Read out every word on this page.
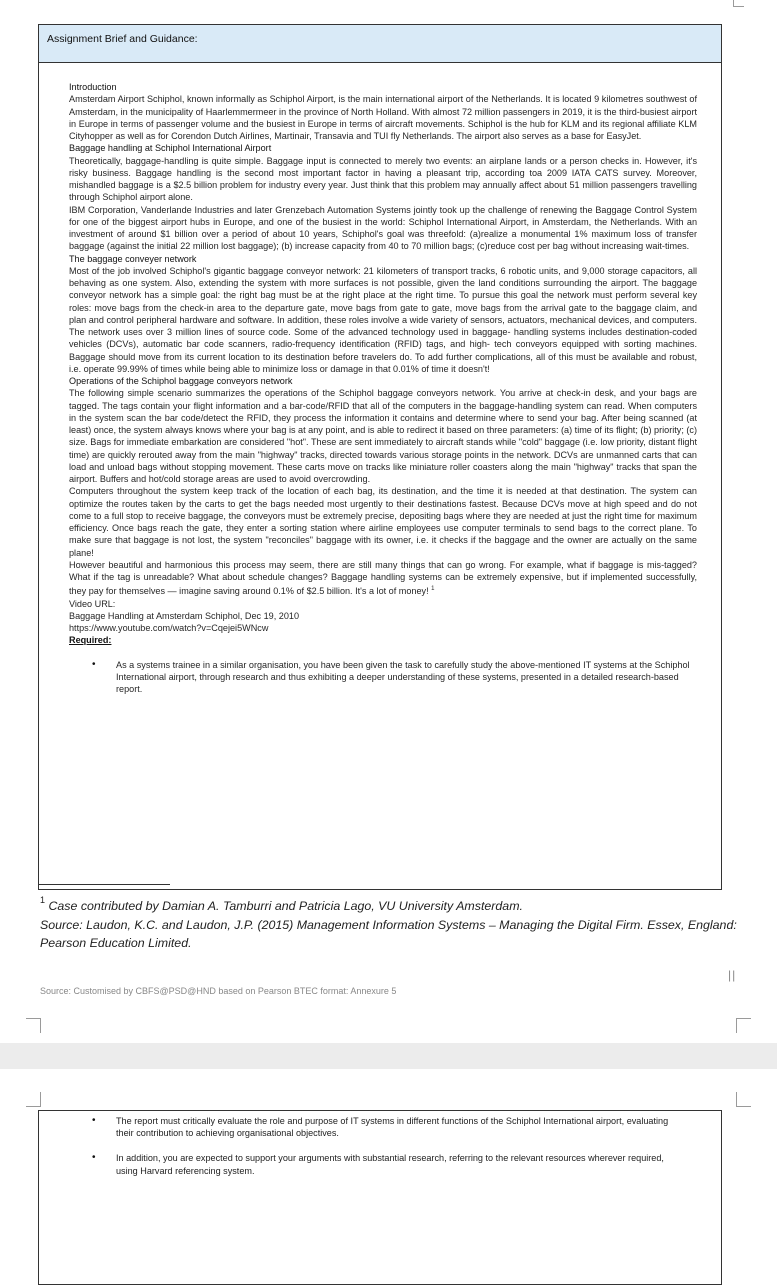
Assignment Brief and Guidance:

Introduction

Amsterdam Airport Schiphol, known informally as Schiphol Airport, is the main international airport of the Netherlands. It is located 9 kilometres southwest of Amsterdam, in the municipality of Haarlemmermeer in the province of North Holland. With almost 72 million passengers in 2019, it is the third-busiest airport in Europe in terms of passenger volume and the busiest in Europe in terms of aircraft movements. Schiphol is the hub for KLM and its regional affiliate KLM Cityhopper as well as for Corendon Dutch Airlines, Martinair, Transavia and TUI fly Netherlands. The airport also serves as a base for EasyJet.

Baggage handling at Schiphol International Airport

Theoretically, baggage-handling is quite simple. Baggage input is connected to merely two events: an airplane lands or a person checks in. However, it's risky business. Baggage handling is the second most important factor in having a pleasant trip, according toa 2009 IATA CATS survey. Moreover, mishandled baggage is a $2.5 billion problem for industry every year. Just think that this problem may annually affect about 51 million passengers travelling through Schiphol airport alone.

IBM Corporation, Vanderlande Industries and later Grenzebach Automation Systems jointly took up the challenge of renewing the Baggage Control System for one of the biggest airport hubs in Europe, and one of the busiest in the world: Schiphol International Airport, in Amsterdam, the Netherlands. With an investment of around $1 billion over a period of about 10 years, Schiphol's goal was threefold: (a)realize a monumental 1% maximum loss of transfer baggage (against the initial 22 million lost baggage); (b) increase capacity from 40 to 70 million bags; (c)reduce cost per bag without increasing wait-times.

The baggage conveyer network

Most of the job involved Schiphol's gigantic baggage conveyor network: 21 kilometers of transport tracks, 6 robotic units, and 9,000 storage capacitors, all behaving as one system. Also, extending the system with more surfaces is not possible, given the land conditions surrounding the airport. The baggage conveyor network has a simple goal: the right bag must be at the right place at the right time. To pursue this goal the network must perform several key roles: move bags from the check-in area to the departure gate, move bags from gate to gate, move bags from the arrival gate to the baggage claim, and plan and control peripheral hardware and software. In addition, these roles involve a wide variety of sensors, actuators, mechanical devices, and computers. The network uses over 3 million lines of source code. Some of the advanced technology used in baggage- handling systems includes destination-coded vehicles (DCVs), automatic bar code scanners, radio-frequency identification (RFID) tags, and high- tech conveyors equipped with sorting machines. Baggage should move from its current location to its destination before travelers do. To add further complications, all of this must be available and robust, i.e. operate 99.99% of times while being able to minimize loss or damage in that 0.01% of time it doesn't!

Operations of the Schiphol baggage conveyors network

The following simple scenario summarizes the operations of the Schiphol baggage conveyors network. You arrive at check-in desk, and your bags are tagged. The tags contain your flight information and a bar-code/RFID that all of the computers in the baggage-handling system can read. When computers in the system scan the bar code/detect the RFID, they process the information it contains and determine where to send your bag. After being scanned (at least) once, the system always knows where your bag is at any point, and is able to redirect it based on three parameters: (a) time of its flight; (b) priority; (c) size. Bags for immediate embarkation are considered "hot". These are sent immediately to aircraft stands while "cold" baggage (i.e. low priority, distant flight time) are quickly rerouted away from the main "highway" tracks, directed towards various storage points in the network. DCVs are unmanned carts that can load and unload bags without stopping movement. These carts move on tracks like miniature roller coasters along the main "highway" tracks that span the airport. Buffers and hot/cold storage areas are used to avoid overcrowding.

Computers throughout the system keep track of the location of each bag, its destination, and the time it is needed at that destination. The system can optimize the routes taken by the carts to get the bags needed most urgently to their destinations fastest. Because DCVs move at high speed and do not come to a full stop to receive baggage, the conveyors must be extremely precise, depositing bags where they are needed at just the right time for maximum efficiency. Once bags reach the gate, they enter a sorting station where airline employees use computer terminals to send bags to the correct plane. To make sure that baggage is not lost, the system "reconciles" baggage with its owner, i.e. it checks if the baggage and the owner are actually on the same plane!

However beautiful and harmonious this process may seem, there are still many things that can go wrong. For example, what if baggage is mis-tagged? What if the tag is unreadable? What about schedule changes? Baggage handling systems can be extremely expensive, but if implemented successfully, they pay for themselves — imagine saving around 0.1% of $2.5 billion. It's a lot of money! $^1$

Video URL:

Baggage Handling at Amsterdam Schiphol, Dec 19, 2010

https://www.youtube.com/watch?v=Cqejei5WNcw

Required:

• As a systems trainee in a similar organisation, you have been given the task to carefully study the above-mentioned IT systems at the Schiphol International airport, through research and thus exhibiting a deeper understanding of these systems, presented in a detailed research-based report.
$^1$ Case contributed by Damian A. Tamburri and Patricia Lago, VU University Amsterdam.
Source: Laudon, K.C. and Laudon, J.P. (2015) Management Information Systems – Managing the Digital Firm. Essex, England: Pearson Education Limited.
||
Source: Customised by CBFS@PSD@HND based on Pearson BTEC format: Annexure 5
• The report must critically evaluate the role and purpose of IT systems in different functions of the Schiphol International airport, evaluating their contribution to achieving organisational objectives.
• In addition, you are expected to support your arguments with substantial research, referring to the relevant resources wherever required, using Harvard referencing system.
